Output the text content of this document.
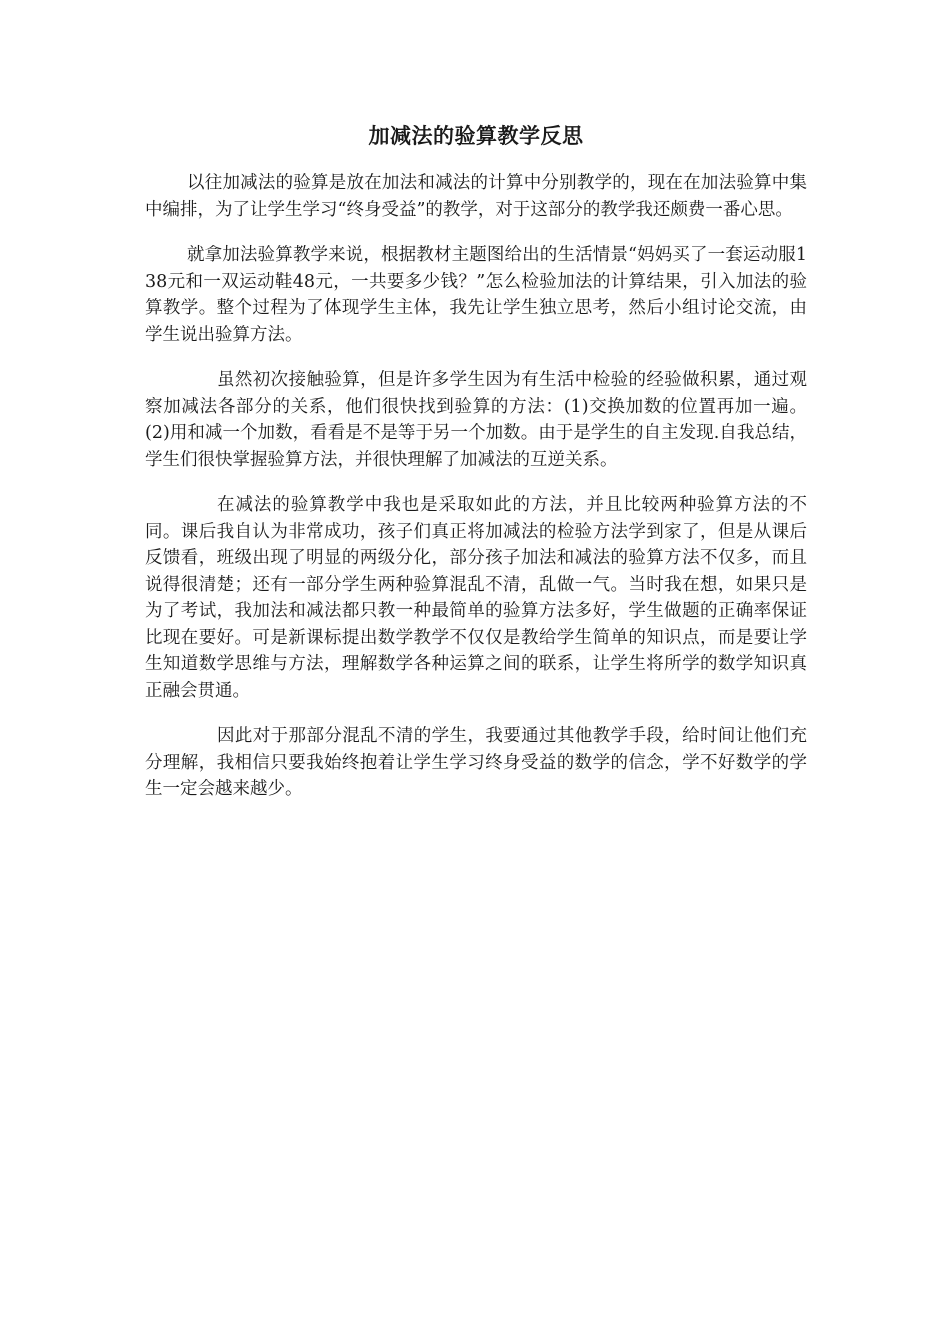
加减法的验算教学反思

以往加减法的验算是放在加法和减法的计算中分别教学的，现在在加法验算中集中编排，为了让学生学习“终身受益”的教学，对于这部分的教学我还颇费一番心思。

就拿加法验算教学来说，根据教材主题图给出的生活情景“妈妈买了一套运动服138元和一双运动鞋48元，一共要多少钱？”怎么检验加法的计算结果，引入加法的验算教学。整个过程为了体现学生主体，我先让学生独立思考，然后小组讨论交流，由学生说出验算方法。

虽然初次接触验算，但是许多学生因为有生活中检验的经验做积累，通过观察加减法各部分的关系，他们很快找到验算的方法：(1)交换加数的位置再加一遍。(2)用和减一个加数，看看是不是等于另一个加数。由于是学生的自主发现.自我总结，学生们很快掌握验算方法，并很快理解了加减法的互逆关系。

在减法的验算教学中我也是采取如此的方法，并且比较两种验算方法的不同。课后我自认为非常成功，孩子们真正将加减法的检验方法学到家了，但是从课后反馈看，班级出现了明显的两级分化，部分孩子加法和减法的验算方法不仅多，而且说得很清楚；还有一部分学生两种验算混乱不清，乱做一气。当时我在想，如果只是为了考试，我加法和减法都只教一种最简单的验算方法多好，学生做题的正确率保证比现在要好。可是新课标提出数学教学不仅仅是教给学生简单的知识点，而是要让学生知道数学思维与方法，理解数学各种运算之间的联系，让学生将所学的数学知识真正融会贯通。

因此对于那部分混乱不清的学生，我要通过其他教学手段，给时间让他们充分理解，我相信只要我始终抱着让学生学习终身受益的数学的信念，学不好数学的学生一定会越来越少。
